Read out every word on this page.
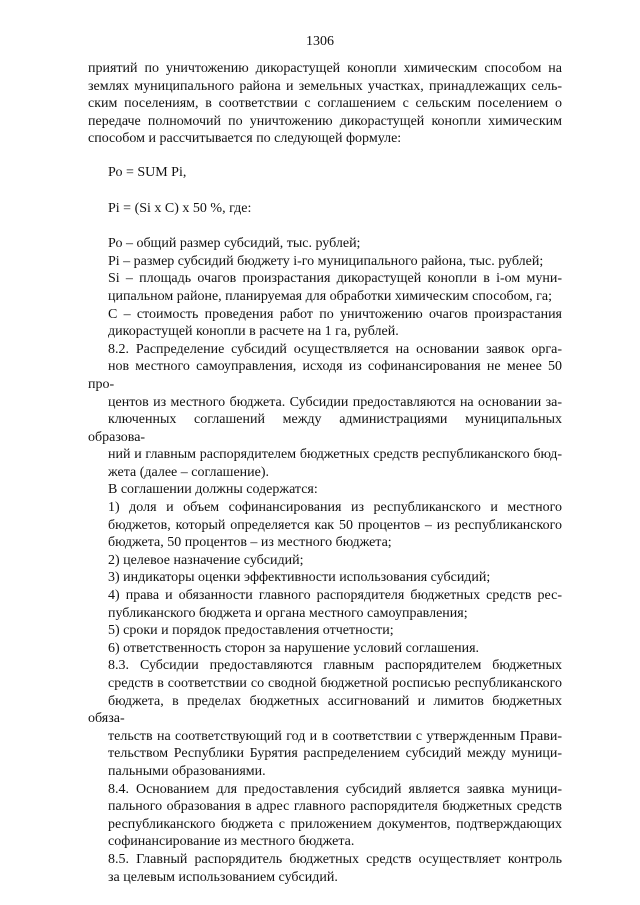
1306

приятий по уничтожению дикорастущей конопли химическим способом на
землях муниципального района и земельных участках, принадлежащих сель-
ским поселениям, в соответствии с соглашением с сельским поселением о
передаче полномочий по уничтожению дикорастущей конопли химическим
способом и рассчитывается по следующей формуле:

Ро = SUM Pi,

Pi = (Si x C) x 50 %, где:

Ро – общий размер субсидий, тыс. рублей;

Pi – размер субсидий бюджету i-го муниципального района, тыс. рублей;

Si – площадь очагов произрастания дикорастущей конопли в i-ом муни-
ципальном районе, планируемая для обработки химическим способом, га;

С – стоимость проведения работ по уничтожению очагов произрастания
дикорастущей конопли в расчете на 1 га, рублей.

8.2. Распределение субсидий осуществляется на основании заявок орга-
нов местного самоуправления, исходя из софинансирования не менее 50 про-
центов из местного бюджета. Субсидии предоставляются на основании за-
ключенных соглашений между администрациями муниципальных образова-
ний и главным распорядителем бюджетных средств республиканского бюд-
жета (далее – соглашение).

В соглашении должны содержатся:

1) доля и объем софинансирования из республиканского и местного
бюджетов, который определяется как 50 процентов – из республиканского
бюджета, 50 процентов – из местного бюджета;

2) целевое назначение субсидий;

3) индикаторы оценки эффективности использования субсидий;

4) права и обязанности главного распорядителя бюджетных средств рес-
публиканского бюджета и органа местного самоуправления;

5) сроки и порядок предоставления отчетности;

6) ответственность сторон за нарушение условий соглашения.

8.3. Субсидии предоставляются главным распорядителем бюджетных
средств в соответствии со сводной бюджетной росписью республиканского
бюджета, в пределах бюджетных ассигнований и лимитов бюджетных обяза-
тельств на соответствующий год и в соответствии с утвержденным Прави-
тельством Республики Бурятия распределением субсидий между муници-
пальными образованиями.

8.4. Основанием для предоставления субсидий является заявка муници-
пального образования в адрес главного распорядителя бюджетных средств
республиканского бюджета с приложением документов, подтверждающих
софинансирование из местного бюджета.

8.5. Главный распорядитель бюджетных средств осуществляет контроль
за целевым использованием субсидий.
